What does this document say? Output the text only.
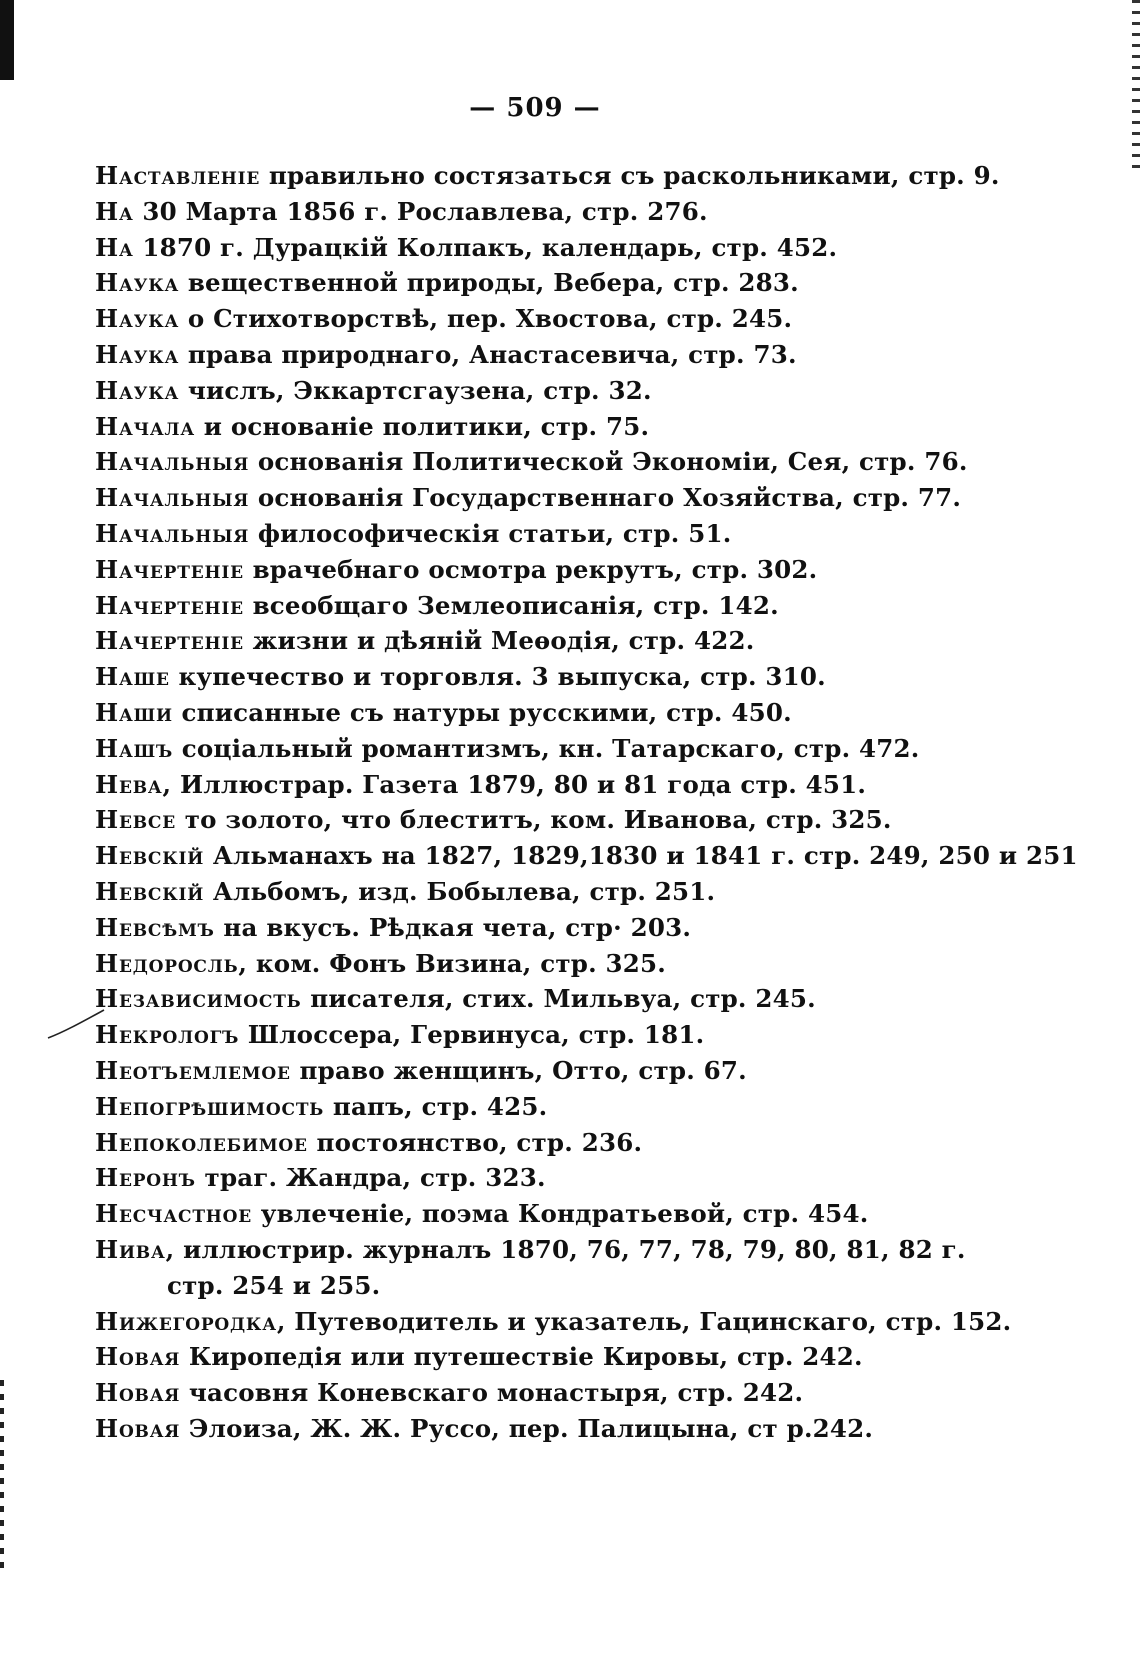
— 509 —
Наставленiе правильно состязаться съ раскольниками, стр. 9.
На 30 Марта 1856 г. Рославлева, стр. 276.
На 1870 г. Дурацкiй Колпакъ, календарь, стр. 452.
Наука вещественной природы, Вебера, стр. 283.
Наука о Стихотворствѣ, пер. Хвостова, стр. 245.
Наука права природнаго, Анастасевича, стр. 73.
Наука числъ, Эккартсгаузена, стр. 32.
Начала и основанiе политики, стр. 75.
Начальныя основанiя Политической Экономiи, Сея, стр. 76.
Начальныя основанiя Государственнаго Хозяйства, стр. 77.
Начальныя философическiя статьи, стр. 51.
Начертенiе врачебнаго осмотра рекрутъ, стр. 302.
Начертенiе всеобщаго Землеописанiя, стр. 142.
Начертенiе жизни и дѣянiй Меѳодiя, стр. 422.
Наше купечество и торговля. 3 выпуска, стр. 310.
Наши списанные съ натуры русскими, стр. 450.
Нашъ соцiальный романтизмъ, кн. Татарскаго, стр. 472.
Нева, Иллюстрар. Газета 1879, 80 и 81 года стр. 451.
Невсе то золото, что блеститъ, ком. Иванова, стр. 325.
Невскiй Альманахъ на 1827, 1829,1830 и 1841 г. стр. 249, 250 и 251
Невскiй Альбомъ, изд. Бобылева, стр. 251.
Невсѣмъ на вкусъ. Рѣдкая чета, стр· 203.
Недоросль, ком. Фонъ Визина, стр. 325.
Независимость писателя, стих. Мильвуа, стр. 245.
Некрологъ Шлоссера, Гервинуса, стр. 181.
Неотъемлемое право женщинъ, Отто, стр. 67.
Непогрѣшимость папъ, стр. 425.
Непоколебимое постоянство, стр. 236.
Неронъ траг. Жандра, стр. 323.
Несчастное увлеченiе, поэма Кондратьевой, стр. 454.
Нива, иллюстрир. журналъ 1870, 76, 77, 78, 79, 80, 81, 82 г.
стр. 254 и 255.
Нижегородка, Путеводитель и указатель, Гацинскаго, стр. 152.
Новая Киропедiя или путешествiе Кировы, стр. 242.
Новая часовня Коневскаго монастыря, стр. 242.
Новая Элоиза, Ж. Ж. Руссо, пер. Палицына, ст р.242.
